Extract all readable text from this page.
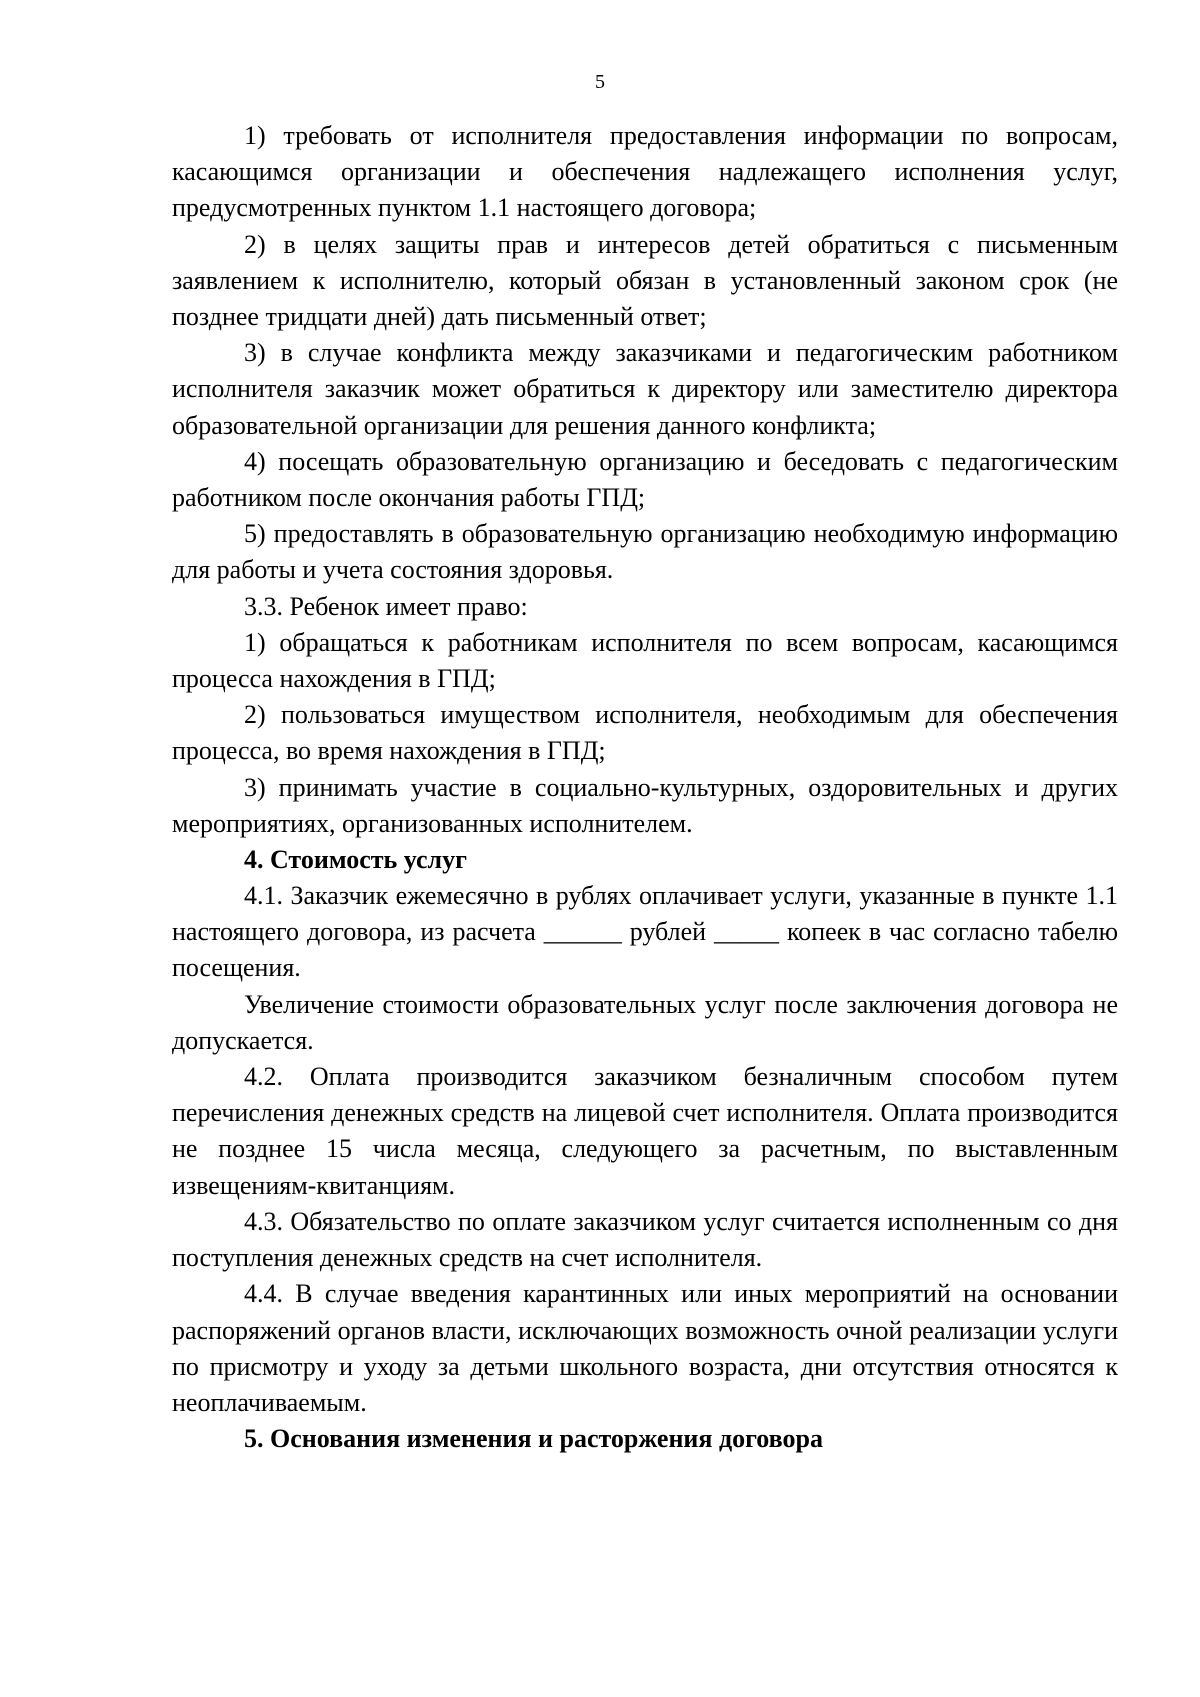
5

1) требовать от исполнителя предоставления информации по вопросам, касающимся организации и обеспечения надлежащего исполнения услуг, предусмотренных пунктом 1.1 настоящего договора;

2) в целях защиты прав и интересов детей обратиться с письменным заявлением к исполнителю, который обязан в установленный законом срок (не позднее тридцати дней) дать письменный ответ;

3) в случае конфликта между заказчиками и педагогическим работником исполнителя заказчик может обратиться к директору или заместителю директора образовательной организации для решения данного конфликта;

4) посещать образовательную организацию и беседовать с педагогическим работником после окончания работы ГПД;

5) предоставлять в образовательную организацию необходимую информацию для работы и учета состояния здоровья.

3.3. Ребенок имеет право:

1) обращаться к работникам исполнителя по всем вопросам, касающимся процесса нахождения в ГПД;

2) пользоваться имуществом исполнителя, необходимым для обеспечения процесса, во время нахождения в ГПД;

3) принимать участие в социально-культурных, оздоровительных и других мероприятиях, организованных исполнителем.

4. Стоимость услуг

4.1. Заказчик ежемесячно в рублях оплачивает услуги, указанные в пункте 1.1 настоящего договора, из расчета ______ рублей _____ копеек в час согласно табелю посещения.

Увеличение стоимости образовательных услуг после заключения договора не допускается.

4.2. Оплата производится заказчиком безналичным способом путем перечисления денежных средств на лицевой счет исполнителя. Оплата производится не позднее 15 числа месяца, следующего за расчетным, по выставленным извещениям-квитанциям.

4.3. Обязательство по оплате заказчиком услуг считается исполненным со дня поступления денежных средств на счет исполнителя.

4.4. В случае введения карантинных или иных мероприятий на основании распоряжений органов власти, исключающих возможность очной реализации услуги по присмотру и уходу за детьми школьного возраста, дни отсутствия относятся к неоплачиваемым.

5. Основания изменения и расторжения договора
